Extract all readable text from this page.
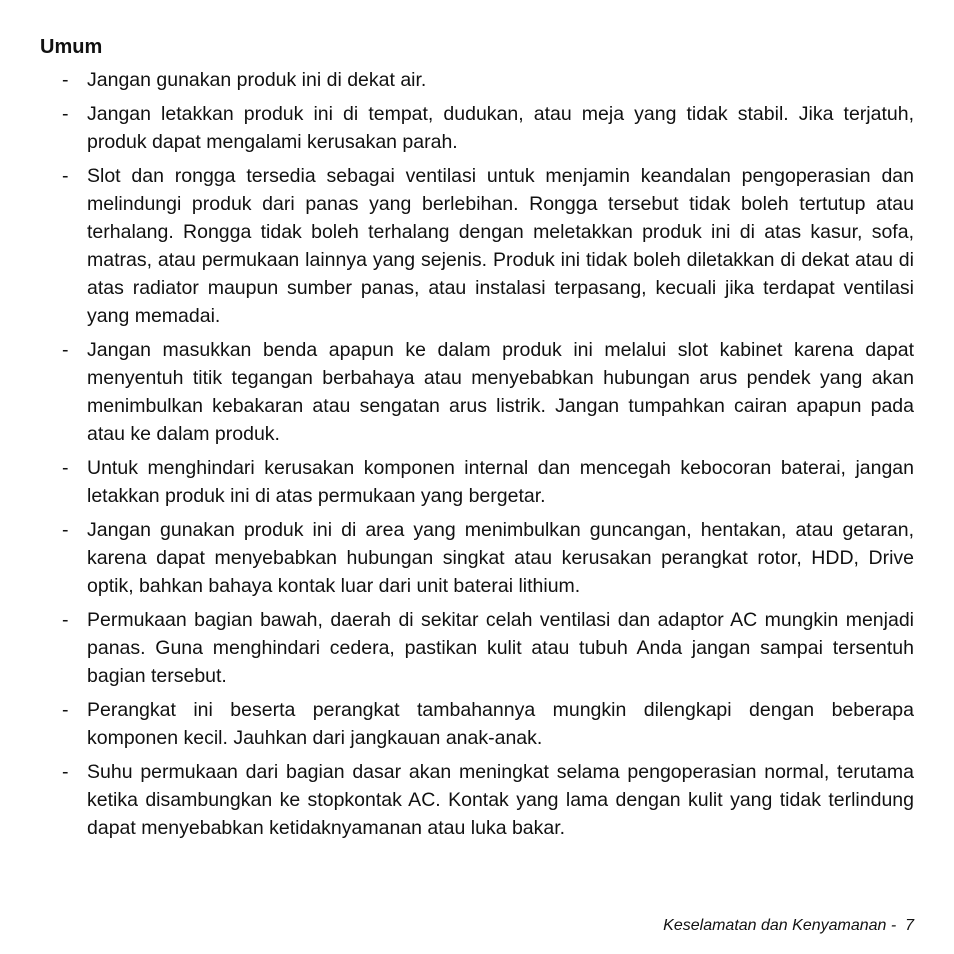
Umum
- Jangan gunakan produk ini di dekat air.
- Jangan letakkan produk ini di tempat, dudukan, atau meja yang tidak stabil. Jika terjatuh, produk dapat mengalami kerusakan parah.
- Slot dan rongga tersedia sebagai ventilasi untuk menjamin keandalan pengoperasian dan melindungi produk dari panas yang berlebihan. Rongga tersebut tidak boleh tertutup atau terhalang. Rongga tidak boleh terhalang dengan meletakkan produk ini di atas kasur, sofa, matras, atau permukaan lainnya yang sejenis. Produk ini tidak boleh diletakkan di dekat atau di atas radiator maupun sumber panas, atau instalasi terpasang, kecuali jika terdapat ventilasi yang memadai.
- Jangan masukkan benda apapun ke dalam produk ini melalui slot kabinet karena dapat menyentuh titik tegangan berbahaya atau menyebabkan hubungan arus pendek yang akan menimbulkan kebakaran atau sengatan arus listrik. Jangan tumpahkan cairan apapun pada atau ke dalam produk.
- Untuk menghindari kerusakan komponen internal dan mencegah kebocoran baterai, jangan letakkan produk ini di atas permukaan yang bergetar.
- Jangan gunakan produk ini di area yang menimbulkan guncangan, hentakan, atau getaran, karena dapat menyebabkan hubungan singkat atau kerusakan perangkat rotor, HDD, Drive optik, bahkan bahaya kontak luar dari unit baterai lithium.
- Permukaan bagian bawah, daerah di sekitar celah ventilasi dan adaptor AC mungkin menjadi panas. Guna menghindari cedera, pastikan kulit atau tubuh Anda jangan sampai tersentuh bagian tersebut.
- Perangkat ini beserta perangkat tambahannya mungkin dilengkapi dengan beberapa komponen kecil. Jauhkan dari jangkauan anak-anak.
- Suhu permukaan dari bagian dasar akan meningkat selama pengoperasian normal, terutama ketika disambungkan ke stopkontak AC. Kontak yang lama dengan kulit yang tidak terlindung dapat menyebabkan ketidaknyamanan atau luka bakar.
Keselamatan dan Kenyamanan -  7
